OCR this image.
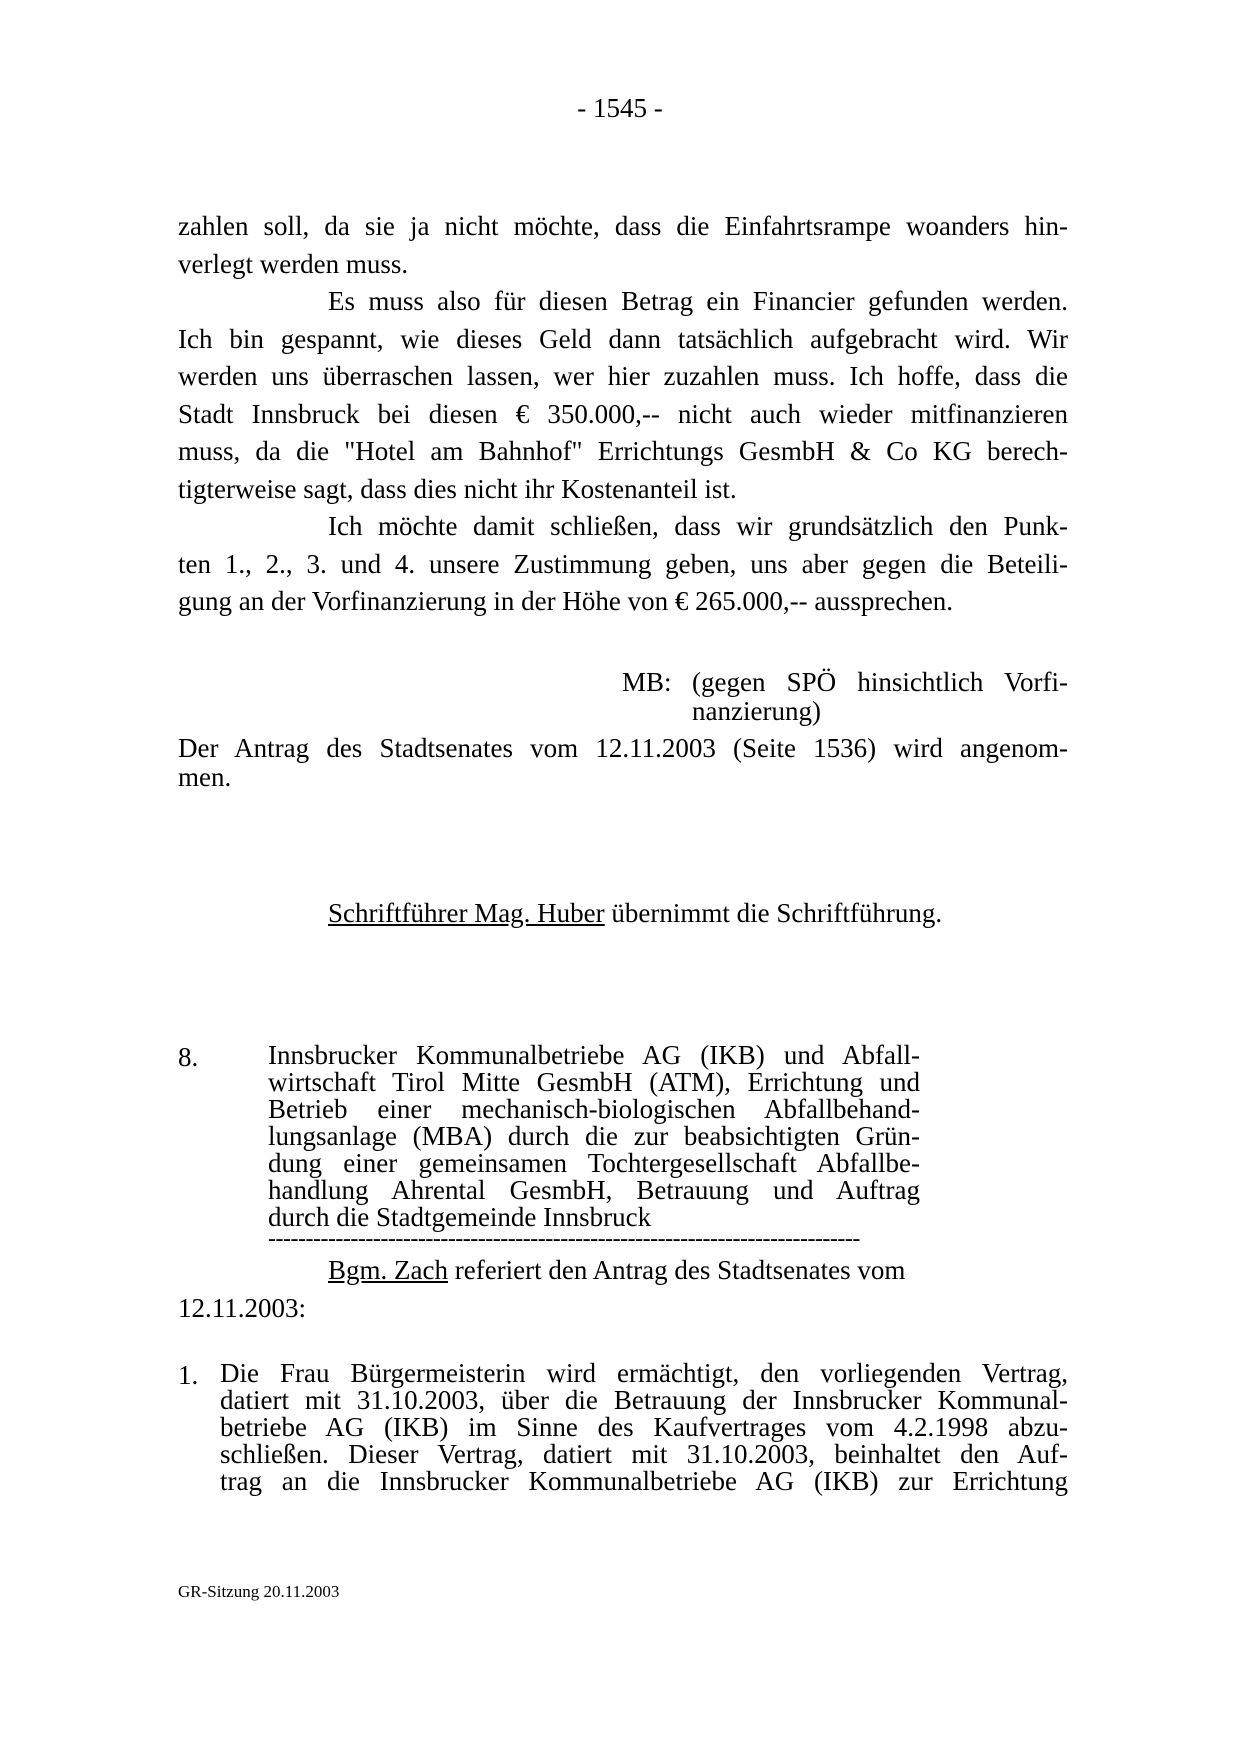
- 1545 -
zahlen soll, da sie ja nicht möchte, dass die Einfahrtsrampe woanders hin-
verlegt werden muss.
Es muss also für diesen Betrag ein Financier gefunden werden.
Ich bin gespannt, wie dieses Geld dann tatsächlich aufgebracht wird. Wir
werden uns überraschen lassen, wer hier zuzahlen muss. Ich hoffe, dass die
Stadt Innsbruck bei diesen € 350.000,-- nicht auch wieder mitfinanzieren
muss, da die "Hotel am Bahnhof" Errichtungs GesmbH & Co KG berech-
tigterweise sagt, dass dies nicht ihr Kostenanteil ist.
Ich möchte damit schließen, dass wir grundsätzlich den Punk-
ten 1., 2., 3. und 4. unsere Zustimmung geben, uns aber gegen die Beteili-
gung an der Vorfinanzierung in der Höhe von € 265.000,-- aussprechen.
MB: (gegen SPÖ hinsichtlich Vorfi-
nanzierung)
Der Antrag des Stadtsenates vom 12.11.2003 (Seite 1536) wird angenom-
men.
Schriftführer Mag. Huber übernimmt die Schriftführung.
8.	Innsbrucker Kommunalbetriebe AG (IKB) und Abfall-
wirtschaft Tirol Mitte GesmbH (ATM), Errichtung und
Betrieb einer mechanisch-biologischen Abfallbehand-
lungsanlage (MBA) durch die zur beabsichtigten Grün-
dung einer gemeinsamen Tochtergesellschaft Abfallbe-
handlung Ahrental GesmbH, Betrauung und Auftrag
durch die Stadtgemeinde Innsbruck
-------------------------------------------------------------------------------
Bgm. Zach referiert den Antrag des Stadtsenates vom
12.11.2003:
1. Die Frau Bürgermeisterin wird ermächtigt, den vorliegenden Vertrag,
datiert mit 31.10.2003, über die Betrauung der Innsbrucker Kommunal-
betriebe AG (IKB) im Sinne des Kaufvertrages vom 4.2.1998 abzu-
schließen. Dieser Vertrag, datiert mit 31.10.2003, beinhaltet den Auf-
trag an die Innsbrucker Kommunalbetriebe AG (IKB) zur Errichtung
GR-Sitzung 20.11.2003
